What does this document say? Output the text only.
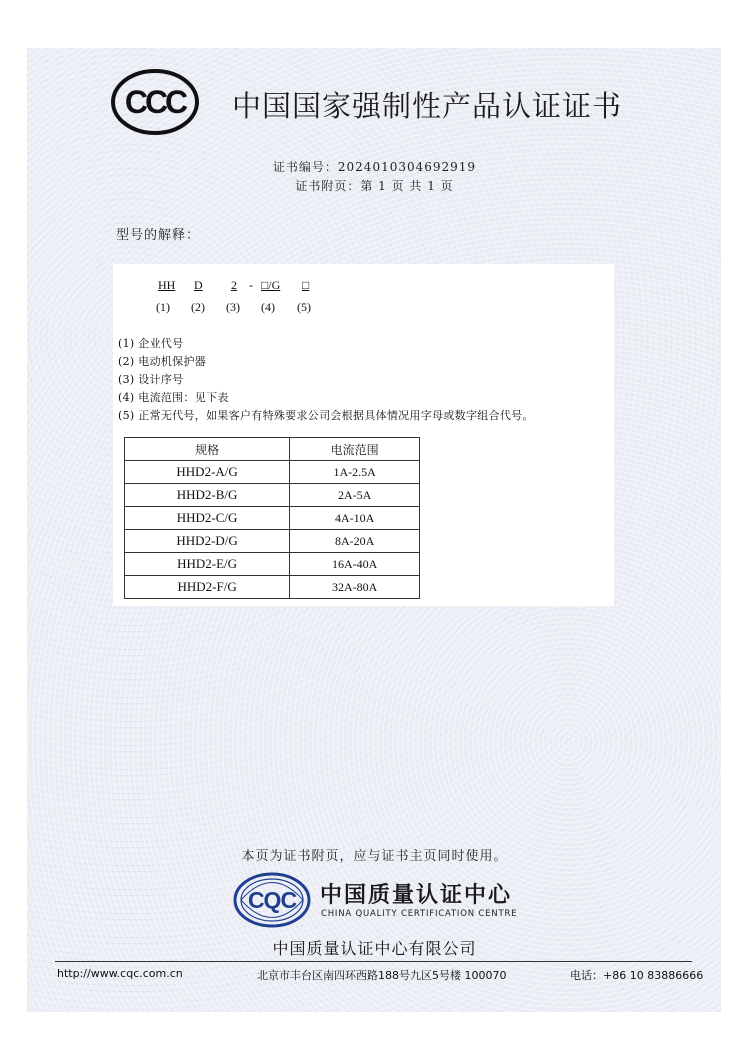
CCC 中国国家强制性产品认证证书
证书编号：2024010304692919
证书附页：第 1 页 共 1 页
型号的解释：
HH D 2 - □/G □
(1) (2) (3) (4) (5)
(1) 企业代号
(2) 电动机保护器
(3) 设计序号
(4) 电流范围：见下表
(5) 正常无代号，如果客户有特殊要求公司会根据具体情况用字母或数字组合代号。
规格	电流范围
HHD2-A/G	1A-2.5A
HHD2-B/G	2A-5A
HHD2-C/G	4A-10A
HHD2-D/G	8A-20A
HHD2-E/G	16A-40A
HHD2-F/G	32A-80A
本页为证书附页，应与证书主页同时使用。
CQC 中国质量认证中心
CHINA QUALITY CERTIFICATION CENTRE
中国质量认证中心有限公司
http://www.cqc.com.cn	北京市丰台区南四环西路188号九区5号楼 100070	电话：+86 10 83886666
